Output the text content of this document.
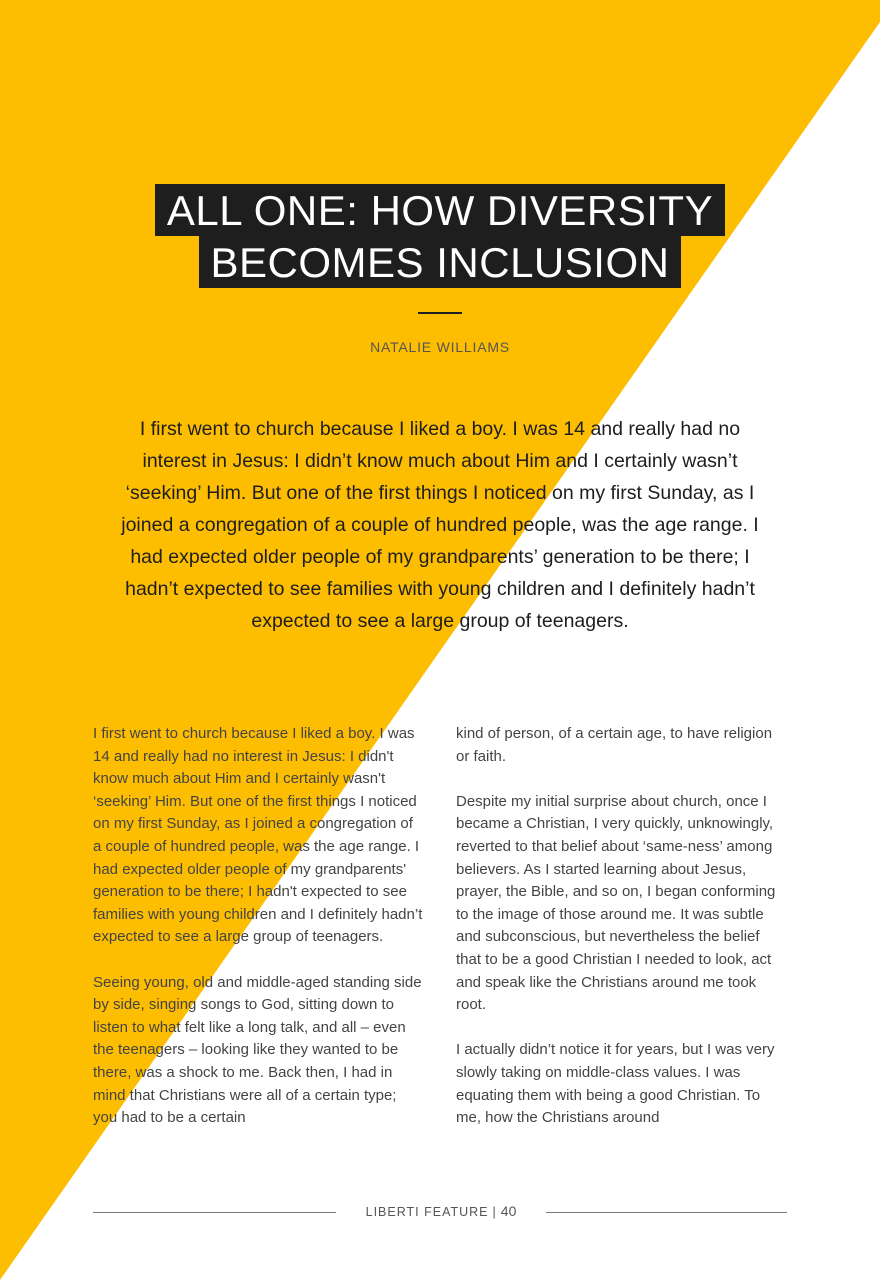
ALL ONE: HOW DIVERSITY
BECOMES INCLUSION
NATALIE WILLIAMS
I first went to church because I liked a boy. I was 14 and really had no interest in Jesus: I didn’t know much about Him and I certainly wasn’t ‘seeking’ Him. But one of the first things I noticed on my first Sunday, as I joined a congregation of a couple of hundred people, was the age range. I had expected older people of my grandparents’ generation to be there; I hadn’t expected to see families with young children and I definitely hadn’t expected to see a large group of teenagers.

I first went to church because I liked a boy. I was 14 and really had no interest in Jesus: I didn't know much about Him and I certainly wasn't ‘seeking’ Him. But one of the first things I noticed on my first Sunday, as I joined a congregation of a couple of hundred people, was the age range. I had expected older people of my grandparents' generation to be there; I hadn't expected to see families with young children and I definitely hadn’t expected to see a large group of teenagers.

Seeing young, old and middle-aged standing side by side, singing songs to God, sitting down to listen to what felt like a long talk, and all – even the teenagers – looking like they wanted to be there, was a shock to me. Back then, I had in mind that Christians were all of a certain type; you had to be a certain

kind of person, of a certain age, to have religion or faith.

Despite my initial surprise about church, once I became a Christian, I very quickly, unknowingly, reverted to that belief about ‘same-ness’ among believers. As I started learning about Jesus, prayer, the Bible, and so on, I began conforming to the image of those around me. It was subtle and subconscious, but nevertheless the belief that to be a good Christian I needed to look, act and speak like the Christians around me took root.

I actually didn’t notice it for years, but I was very slowly taking on middle-class values. I was equating them with being a good Christian. To me, how the Christians around

LIBERTI FEATURE | 40
